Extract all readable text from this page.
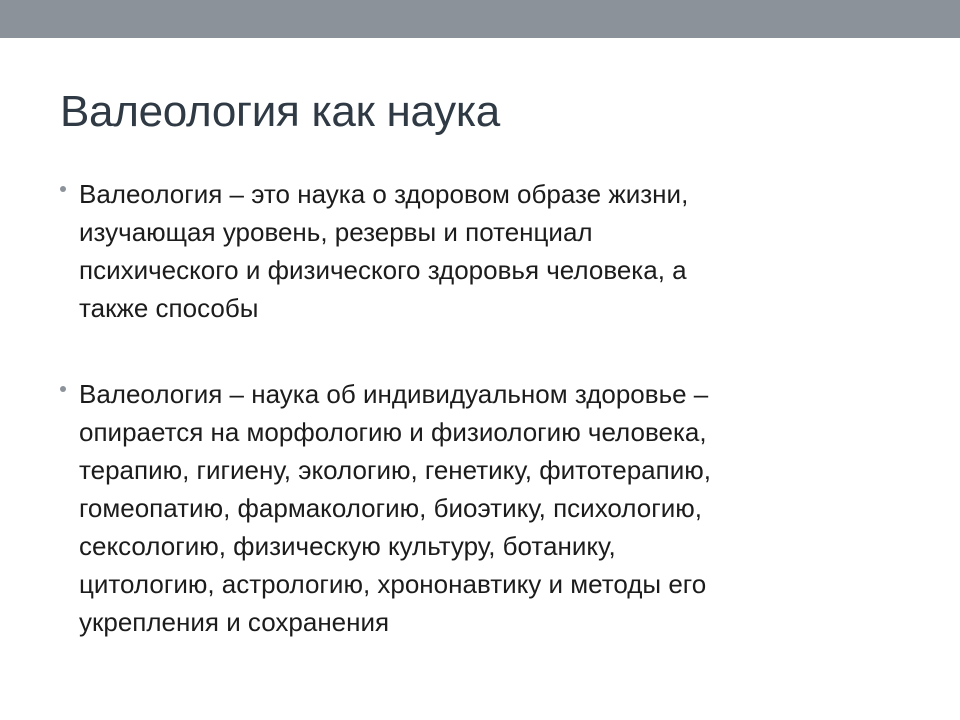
Валеология как наука
Валеология – это наука о здоровом образе жизни,
изучающая уровень, резервы и потенциал
психического и физического здоровья человека, а
также способы
Валеология – наука об индивидуальном здоровье –
опирается на морфологию и физиологию человека,
терапию, гигиену, экологию, генетику, фитотерапию,
гомеопатию, фармакологию, биоэтику, психологию,
сексологию, физическую культуру, ботанику,
цитологию, астрологию, хрононавтику и методы его
укрепления и сохранения
